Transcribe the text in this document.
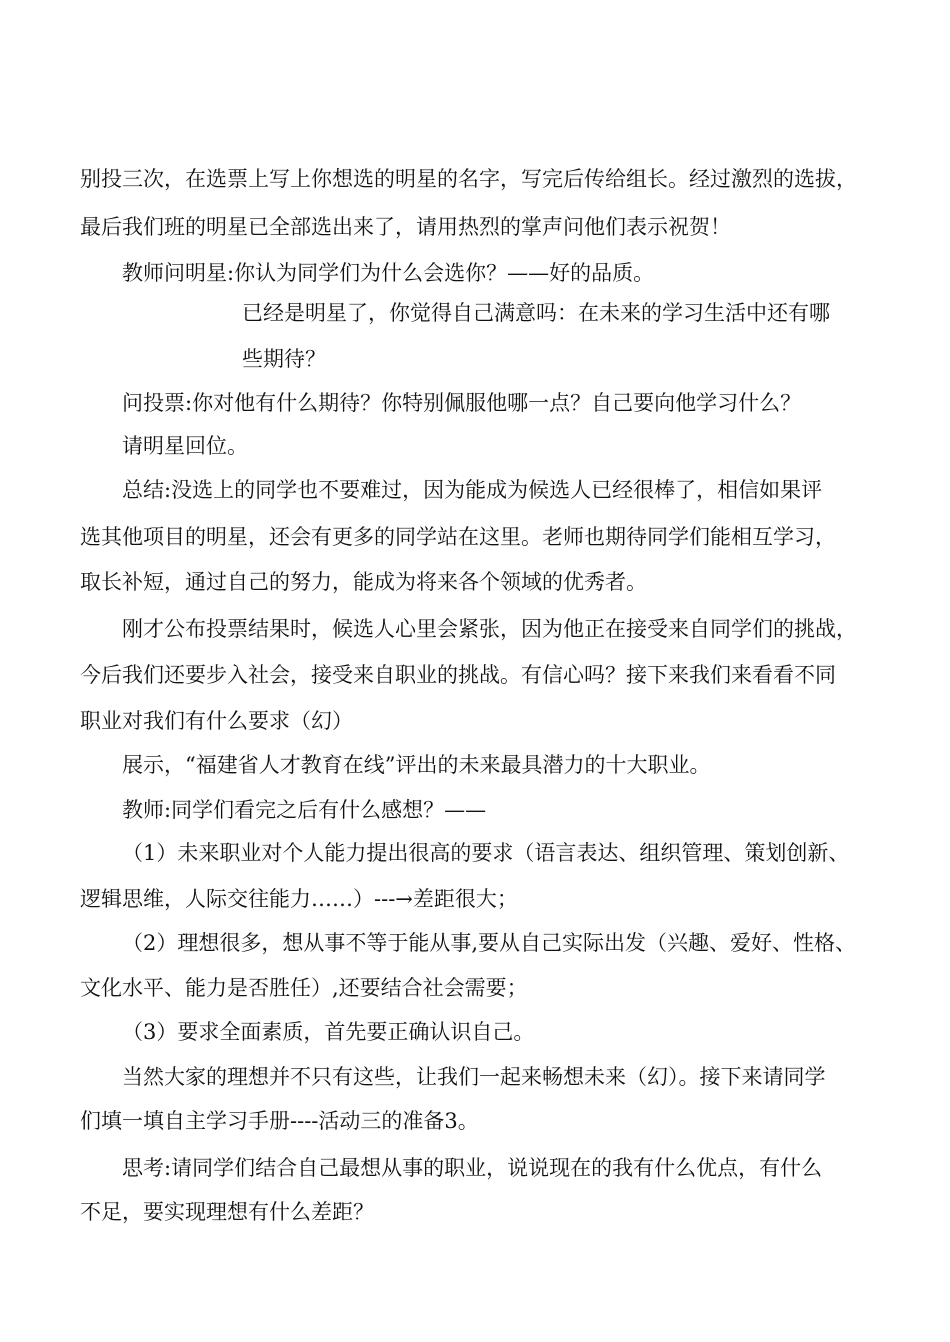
别投三次，在选票上写上你想选的明星的名字，写完后传给组长。经过激烈的选拔，
最后我们班的明星已全部选出来了，请用热烈的掌声问他们表示祝贺！
教师问明星:你认为同学们为什么会选你？——好的品质。
已经是明星了，你觉得自己满意吗：在未来的学习生活中还有哪
些期待？
问投票:你对他有什么期待？你特别佩服他哪一点？自己要向他学习什么？
请明星回位。
总结:没选上的同学也不要难过，因为能成为候选人已经很棒了，相信如果评
选其他项目的明星，还会有更多的同学站在这里。老师也期待同学们能相互学习，
取长补短，通过自己的努力，能成为将来各个领域的优秀者。
刚才公布投票结果时，候选人心里会紧张，因为他正在接受来自同学们的挑战，
今后我们还要步入社会，接受来自职业的挑战。有信心吗？接下来我们来看看不同
职业对我们有什么要求（幻）
展示，“福建省人才教育在线”评出的未来最具潜力的十大职业。
教师:同学们看完之后有什么感想？——
（1）未来职业对个人能力提出很高的要求（语言表达、组织管理、策划创新、
逻辑思维，人际交往能力……）---→差距很大；
（2）理想很多，想从事不等于能从事,要从自己实际出发（兴趣、爱好、性格、
文化水平、能力是否胜任）,还要结合社会需要；
（3）要求全面素质，首先要正确认识自己。
当然大家的理想并不只有这些，让我们一起来畅想未来（幻）。接下来请同学
们填一填自主学习手册----活动三的准备3。
思考:请同学们结合自己最想从事的职业，说说现在的我有什么优点，有什么
不足，要实现理想有什么差距？
